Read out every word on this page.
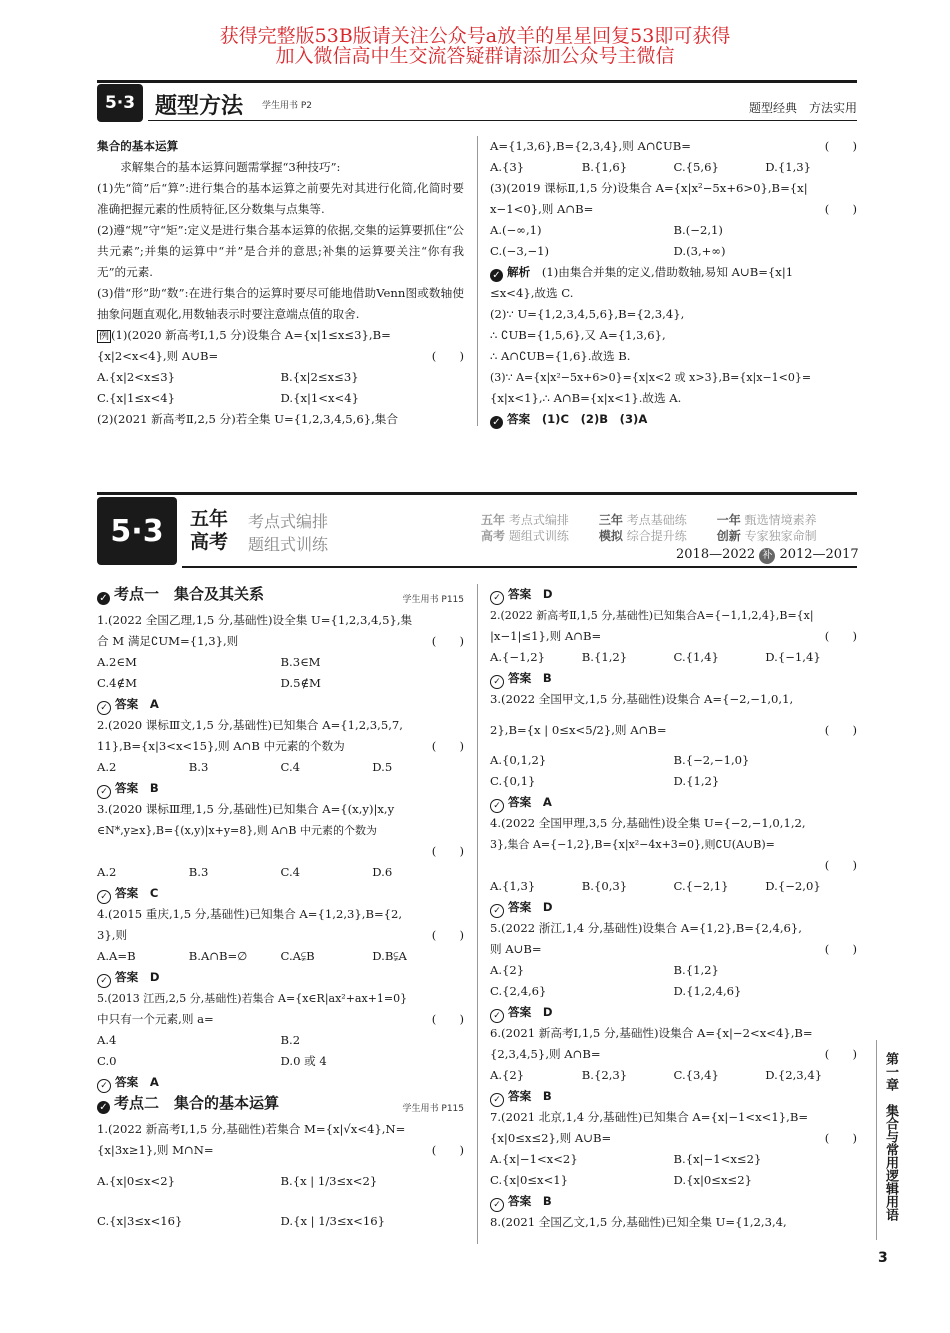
获得完整版53B版请关注公众号a放羊的星星回复53即可获得
加入微信高中生交流答疑群请添加公众号主微信
5·3 题型方法 学生用书 P2	题型经典　方法实用
集合的基本运算
　　求解集合的基本运算问题需掌握“3种技巧”:
(1)先“简”后“算”:进行集合的基本运算之前要先对其进行化简,化简时要准确把握元素的性质特征,区分数集与点集等.
(2)遵“规”守“矩”:定义是进行集合基本运算的依据,交集的运算要抓住“公共元素”;并集的运算中“并”是合并的意思;补集的运算要关注“你有我无”的元素.
(3)借“形”助“数”:在进行集合的运算时要尽可能地借助Venn图或数轴使抽象问题直观化,用数轴表示时要注意端点值的取舍.
例 (1)(2020 新高考Ⅰ,1,5 分)设集合 A={x|1≤x≤3},B=
{x|2<x<4},则 A∪B=	(　　)
A.{x|2<x≤3}	B.{x|2≤x≤3}
C.{x|1≤x<4}	D.{x|1<x<4}
(2)(2021 新高考Ⅱ,2,5 分)若全集 U={1,2,3,4,5,6},集合
A={1,3,6},B={2,3,4},则 A∩∁UB=	(　　)
A.{3}	B.{1,6}	C.{5,6}	D.{1,3}
(3)(2019 课标Ⅱ,1,5 分)设集合 A={x|x²−5x+6>0},B={x|
x−1<0},则 A∩B=	(　　)
A.(−∞,1)	B.(−2,1)
C.(−3,−1)	D.(3,+∞)
✓ 解析　 (1)由集合并集的定义,借助数轴,易知 A∪B={x|1
≤x<4},故选 C.
(2)∵ U={1,2,3,4,5,6},B={2,3,4},
∴ ∁UB={1,5,6},又 A={1,3,6},
∴ A∩∁UB={1,6}.故选 B.
(3)∵ A={x|x²−5x+6>0}={x|x<2 或 x>3},B={x|x−1<0}=
{x|x<1},∴ A∩B={x|x<1}.故选 A.
✓ 答案　 (1)C　(2)B　(3)A
5·3	五年
高考
考点式编排
题组式训练
五年 考点式编排	三年 考点基础练	一年 甄选情境素养
高考 题组式训练	模拟 综合提升练	创新 专家独家命制
2018—2022 补 2012—2017
✓ 考点一　集合及其关系	学生用书 P115
1.(2022 全国乙理,1,5 分,基础性)设全集 U={1,2,3,4,5},集
合 M 满足∁UM={1,3},则	(　　)
A.2∈M	B.3∈M
C.4∉M	D.5∉M
✓ 答案　 A
2.(2020 课标Ⅲ文,1,5 分,基础性)已知集合 A={1,2,3,5,7,
11},B={x|3<x<15},则 A∩B 中元素的个数为	(　　)
A.2	B.3	C.4	D.5
✓ 答案　 B
3.(2020 课标Ⅲ理,1,5 分,基础性)已知集合 A={(x,y)|x,y
∈N*,y≥x},B={(x,y)|x+y=8},则 A∩B 中元素的个数为
(　　)
A.2	B.3	C.4	D.6
✓ 答案　 C
4.(2015 重庆,1,5 分,基础性)已知集合 A={1,2,3},B={2,
3},则	(　　)
A.A=B	B.A∩B=∅	C.A⫋B	D.B⫋A
✓ 答案　 D
5.(2013 江西,2,5 分,基础性)若集合 A={x∈R|ax²+ax+1=0}
中只有一个元素,则 a=	(　　)
A.4	B.2
C.0	D.0 或 4
✓ 答案　 A
✓ 考点二　集合的基本运算	学生用书 P115
1.(2022 新高考Ⅰ,1,5 分,基础性)若集合 M={x|√x<4},N=
{x|3x≥1},则 M∩N=	(　　)
A.{x|0≤x<2}	B.{x | 1/3≤x<2}
C.{x|3≤x<16}	D.{x | 1/3≤x<16}
✓ 答案　 D
2.(2022 新高考Ⅱ,1,5 分,基础性)已知集合A={−1,1,2,4},B={x|
|x−1|≤1},则 A∩B=	(　　)
A.{−1,2}	B.{1,2}	C.{1,4}	D.{−1,4}
✓ 答案　 B
3.(2022 全国甲文,1,5 分,基础性)设集合 A={−2,−1,0,1,
2},B={x | 0≤x<5/2},则 A∩B=	(　　)
A.{0,1,2}	B.{−2,−1,0}
C.{0,1}	D.{1,2}
✓ 答案　 A
4.(2022 全国甲理,3,5 分,基础性)设全集 U={−2,−1,0,1,2,
3},集合 A={−1,2},B={x|x²−4x+3=0},则∁U(A∪B)=
(　　)
A.{1,3}	B.{0,3}	C.{−2,1}	D.{−2,0}
✓ 答案　 D
5.(2022 浙江,1,4 分,基础性)设集合 A={1,2},B={2,4,6},
则 A∪B=	(　　)
A.{2}	B.{1,2}
C.{2,4,6}	D.{1,2,4,6}
✓ 答案　 D
6.(2021 新高考Ⅰ,1,5 分,基础性)设集合 A={x|−2<x<4},B=
{2,3,4,5},则 A∩B=	(　　)
A.{2}	B.{2,3}	C.{3,4}	D.{2,3,4}
✓ 答案　 B
7.(2021 北京,1,4 分,基础性)已知集合 A={x|−1<x<1},B=
{x|0≤x≤2},则 A∪B=	(　　)
A.{x|−1<x<2}	B.{x|−1<x≤2}
C.{x|0≤x<1}	D.{x|0≤x≤2}
✓ 答案　 B
8.(2021 全国乙文,1,5 分,基础性)已知全集 U={1,2,3,4,
第一章　集合与常用逻辑用语
3
